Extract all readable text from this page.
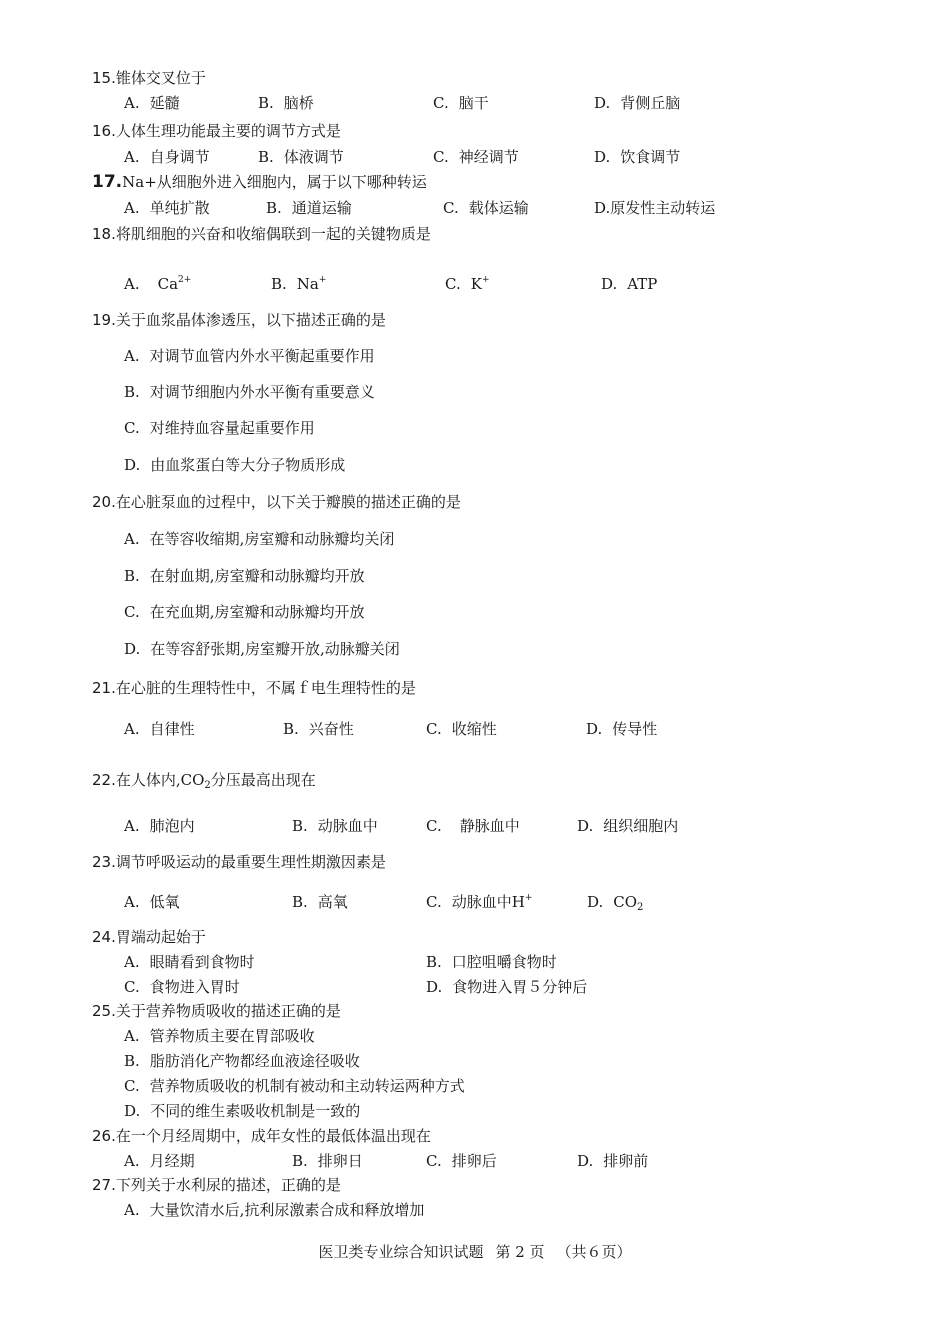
15.锥体交叉位于
A. 延髓	B. 脑桥	C. 脑干	D. 背侧丘脑
16.人体生理功能最主要的调节方式是
A. 自身调节	B. 体液调节	C. 神经调节	D. 饮食调节
17.Na+从细胞外进入细胞内，属于以下哪种转运
A. 单纯扩散	B. 通道运输	C. 载体运输	D.原发性主动转运
18.将肌细胞的兴奋和收缩偶联到一起的关键物质是
A. $Ca^{2+}$	B. Na+	C. K+	D. ATP
19.关于血浆晶体渗透压，以下描述正确的是
A. 对调节血管内外水平衡起重要作用
B. 对调节细胞内外水平衡有重要意义
C. 对维持血容量起重要作用
D. 由血浆蛋白等大分子物质形成
20.在心脏泵血的过程中，以下关于瓣膜的描述正确的是
A. 在等容收缩期,房室瓣和动脉瓣均关闭
B. 在射血期,房室瓣和动脉瓣均开放
C. 在充血期,房室瓣和动脉瓣均开放
D. 在等容舒张期,房室瓣开放,动脉瓣关闭
21.在心脏的生理特性中，不属ｆ电生理特性的是
A. 自律性	B. 兴奋性	C. 收缩性	D. 传导性
22.在人体内$,CO_2$分压最高出现在
A. 肺泡内	B. 动脉血中	C. 静脉血中	D. 组织细胞内
23.调节呼吸运动的最重要生理性期激因素是
A. 低氧	B. 高氧	C. 动脉血中H+	D. $CO_2$
24.胃端动起始于
A. 眼睛看到食物时	B. 口腔咀嚼食物时
C. 食物进入胃时	D. 食物进入胃５分钟后
25.关于营养物质吸收的描述正确的是
A. 管养物质主要在胃部吸收
B. 脂肪消化产物都经血液途径吸收
C. 营养物质吸收的机制有被动和主动转运两种方式
D. 不同的维生素吸收机制是一致的
26.在一个月经周期中，成年女性的最低体温出现在
A. 月经期	B. 排卵日	C. 排卵后	D. 排卵前
27.下列关于水利尿的描述，正确的是
A. 大量饮清水后,抗利尿激素合成和释放增加
医卫类专业综合知识试题 第 2 页 （共６页）
